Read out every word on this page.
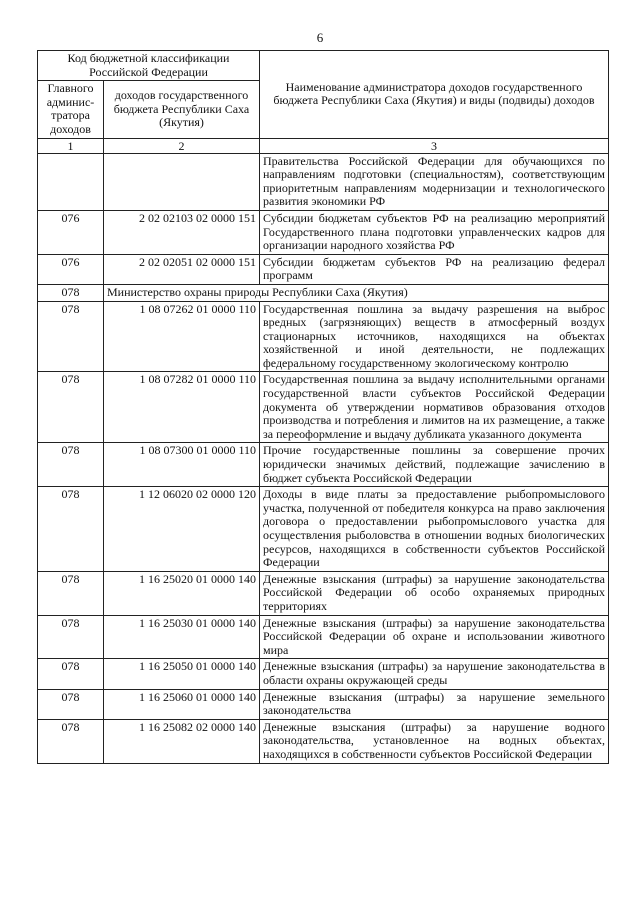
6
Код бюджетной классификации Российской Федерации		Наименование администратора доходов государственного бюджета Республики Саха (Якутия) и виды (подвиды) доходов
Главного админис-тратора доходов	доходов государственного бюджета Республики Саха (Якутия)	
1	2	3
		Правительства Российской Федерации для обучающихся по направлениям подготовки (специальностям), соответствующим приоритетным направлениям модернизации и технологического развития экономики РФ
076	2 02 02103 02 0000 151	Субсидии бюджетам субъектов РФ на реализацию мероприятий Государственного плана подготовки управленческих кадров для организации народного хозяйства РФ
076	2 02 02051 02 0000 151	Субсидии бюджетам субъектов РФ на реализацию федерал программ
078	Министерство охраны природы Республики Саха (Якутия)	
078	1 08 07262 01 0000 110	Государственная пошлина за выдачу разрешения на выброс вредных (загрязняющих) веществ в атмосферный воздух стационарных источников, находящихся на объектах хозяйственной и иной деятельности, не подлежащих федеральному государственному экологическому контролю
078	1 08 07282 01 0000 110	Государственная пошлина за выдачу исполнительными органами государственной власти субъектов Российской Федерации документа об утверждении нормативов образования отходов производства и потребления и лимитов на их размещение, а также за переоформление и выдачу дубликата указанного документа
078	1 08 07300 01 0000 110	Прочие государственные пошлины за совершение прочих юридически значимых действий, подлежащие зачислению в бюджет субъекта Российской Федерации
078	1 12 06020 02 0000 120	Доходы в виде платы за предоставление рыбопромыслового участка, полученной от победителя конкурса на право заключения договора о предоставлении рыбопромыслового участка для осуществления рыболовства в отношении водных биологических ресурсов, находящихся в собственности субъектов Российской Федерации
078	1 16 25020 01 0000 140	Денежные взыскания (штрафы) за нарушение законодательства Российской Федерации об особо охраняемых природных территориях
078	1 16 25030 01 0000 140	Денежные взыскания (штрафы) за нарушение законодательства Российской Федерации об охране и использовании животного мира
078	1 16 25050 01 0000 140	Денежные взыскания (штрафы) за нарушение законодательства в области охраны окружающей среды
078	1 16 25060 01 0000 140	Денежные взыскания (штрафы) за нарушение земельного законодательства
078	1 16 25082 02 0000 140	Денежные взыскания (штрафы) за нарушение водного законодательства, установленное на водных объектах, находящихся в собственности субъектов Российской Федерации
